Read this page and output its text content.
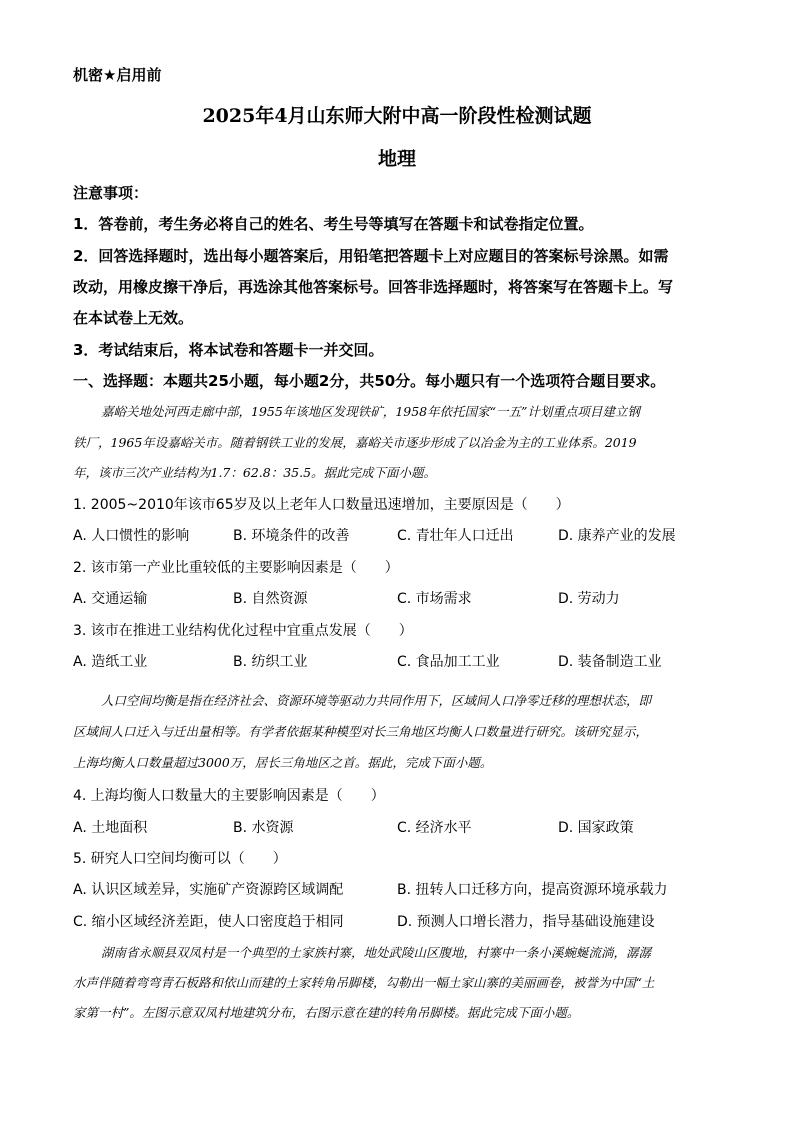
机密★启用前
2025年4月山东师大附中高一阶段性检测试题
地理
注意事项：
1．答卷前，考生务必将自己的姓名、考生号等填写在答题卡和试卷指定位置。
2．回答选择题时，选出每小题答案后，用铅笔把答题卡上对应题目的答案标号涂黑。如需
改动，用橡皮擦干净后，再选涂其他答案标号。回答非选择题时，将答案写在答题卡上。写
在本试卷上无效。
3．考试结束后，将本试卷和答题卡一并交回。
一、选择题：本题共25小题，每小题2分，共50分。每小题只有一个选项符合题目要求。
嘉峪关地处河西走廊中部，1955年该地区发现铁矿，1958年依托国家“一五”计划重点项目建立钢
铁厂，1965年设嘉峪关市。随着钢铁工业的发展，嘉峪关市逐步形成了以冶金为主的工业体系。2019
年，该市三次产业结构为1.7：62.8：35.5。据此完成下面小题。
1. 2005~2010年该市65岁及以上老年人口数量迅速增加，主要原因是（　　）
A. 人口惯性的影响	B. 环境条件的改善	C. 青壮年人口迁出	D. 康养产业的发展
2. 该市第一产业比重较低的主要影响因素是（　　）
A. 交通运输	B. 自然资源	C. 市场需求	D. 劳动力
3. 该市在推进工业结构优化过程中宜重点发展（　　）
A. 造纸工业	B. 纺织工业	C. 食品加工工业	D. 装备制造工业
人口空间均衡是指在经济社会、资源环境等驱动力共同作用下，区域间人口净零迁移的理想状态，即
区域间人口迁入与迁出量相等。有学者依据某种模型对长三角地区均衡人口数量进行研究。该研究显示，
上海均衡人口数量超过3000万，居长三角地区之首。据此，完成下面小题。
4. 上海均衡人口数量大的主要影响因素是（　　）
A. 土地面积	B. 水资源	C. 经济水平	D. 国家政策
5. 研究人口空间均衡可以（　　）
A. 认识区域差异，实施矿产资源跨区域调配	B. 扭转人口迁移方向，提高资源环境承载力
C. 缩小区域经济差距，使人口密度趋于相同	D. 预测人口增长潜力，指导基础设施建设
湖南省永顺县双凤村是一个典型的土家族村寨，地处武陵山区腹地，村寨中一条小溪蜿蜒流淌，潺潺
水声伴随着弯弯青石板路和依山而建的土家转角吊脚楼，勾勒出一幅土家山寨的美丽画卷，被誉为中国“土
家第一村”。左图示意双凤村地建筑分布，右图示意在建的转角吊脚楼。据此完成下面小题。
